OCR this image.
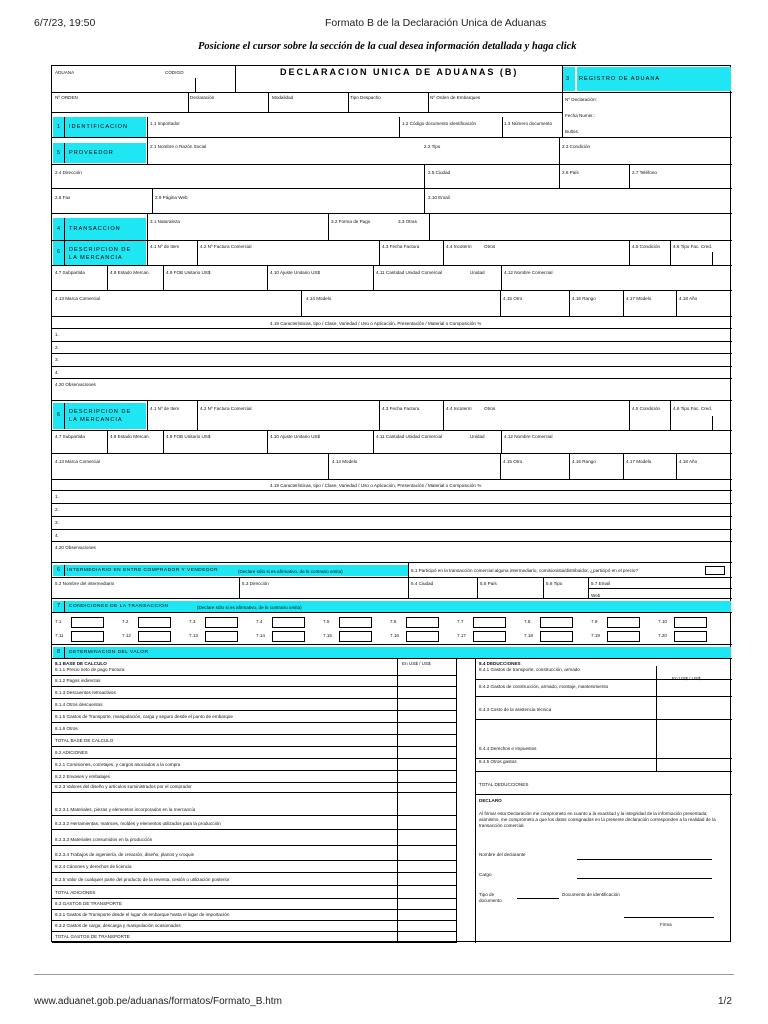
6/7/23, 19:50	Formato B de la Declaración Unica de Aduanas
Posicione el cursor sobre la sección de la cual desea información detallada y haga click
ADUANA	CODIGO	DECLARACION UNICA DE ADUANAS (B)
3 REGISTRO DE ADUANA
Nº ORDEN	Declaración	Modalidad	Tipo Despacho	Nº Orden de Embarques	Nº Declaración:
Fecha Numer.:
Bultos:
1 IDENTIFICACION
1.1 Importador	1.2 Código documento identificación	1.3 Número documento
5 PROVEEDOR
2.1 Nombre o Razón Social	2.2 Tipo	2.3 Condición
2.4 Dirección	2.5 Ciudad	2.6 País	2.7 Teléfono
2.8 Fax	2.9 Página Web	2.10 Email
4 TRANSACCION
3.1 Naturaleza	3.2 Forma de Pago	3.3 Otras
6 DESCRIPCION DE LA MERCANCIA
4.1 Nº de Item	4.2 Nº Factura Comercial	4.3 Fecha Factura	4.4 Incoterm	Otros	4.5 Condición	4.6 Tipo Fac. Cred.
4.7 Subpartida	4.8 Estado Mercan.	4.9 FOB Unitario US$	4.10 Ajuste Unitario US$	4.11 Cantidad Unidad Comercial	Unidad	4.12 Nombre Comercial
4.13 Marca Comercial	4.14 Modelo	4.15 Otro	4.16 Rango	4.17 Modelo	4.18 Año
4.19 Características, tipo / Clase, Variedad / Uso o Aplicación, Presentación / Material o Composición %
1.
2.
3.
4.
4.20 Observaciones
6 DESCRIPCION DE LA MERCANCIA
4.1 Nº de Item	4.2 Nº Factura Comercial	4.3 Fecha Factura	4.4 Incoterm	Otros	4.5 Condición	4.6 Tipo Fac. Cred.
4.7 Subpartida	4.8 Estado Mercan.	4.9 FOB Unitario US$	4.10 Ajuste Unitario US$	4.11 Cantidad Unidad Comercial	Unidad	4.12 Nombre Comercial
4.13 Marca Comercial	4.14 Modelo	4.15 Otro	4.16 Rango	4.17 Modelo	4.18 Año
4.19 Características, tipo / Clase, Variedad / Uso o Aplicación, Presentación / Material o Composición %
1.
2.
3.
4.
4.20 Observaciones
6 INTERMEDIARIO EN ENTRE COMPRADOR Y VENDEDOR	(Declare sólo si es afirmativo, de lo contrario omita)	5.1 Participó en la transacción comercial alguna intermediario, comisionista/distribuidor, ¿participó en el precio?
5.2 Nombre del intermediario	5.3 Dirección	5.4 Ciudad	5.5 País	5.6 Tipo	5.7 Email
Web
7 CONDICIONES DE LA TRANSACCION	(Declare sólo si es afirmativo, de lo contrario omita)
8 DETERMINACION DEL VALOR
8.1 BASE DE CALCULO	En US$ / US$	8.4 DEDUCCIONES
DECLARO
Al firmar esta Declaración me comprometo en cuanto a la exactitud y la integridad de la información presentada; asimismo, me comprometo a que los datos consignados en la presente declaración corresponden a la realidad de la transacción comercial.
Nombre del declarante
Cargo
Tipo de documento
Documento de identificación
Firma
7.1	7.2	7.3	7.4	7.5	7.6	7.7	7.8	7.9	7.10
7.11	7.12	7.13	7.14	7.15	7.16	7.17	7.18	7.19	7.20
8.1.1 Precio neto de pago Factura
8.1.2 Pagos indirectos
8.1.3 Descuentos retroactivos
8.1.4 Otros descuentos
8.1.5 Gastos de Transporte, manipulación, carga y seguro desde el punto de embarque
8.1.6 Otros
TOTAL BASE DE CALCULO
8.2 ADICIONES
8.2.1 Comisiones, corretajes, y cargos asociados a la compra
8.2.2 Envases y embalajes
8.2.3 Valores del diseño y artículos suministrados por el comprador
8.2.3.1 Materiales, piezas y elementos incorporados en la mercancía
8.2.3.2 Herramientas, matrices, moldes y elementos utilizados para la producción
8.2.3.3 Materiales consumidos en la producción
8.2.3.4 Trabajos de ingeniería, de creación, diseño, planos y croquis
8.2.4 Cánones y derechos de licencia
8.2.5 Valor de cualquier parte del producto de la reventa, cesión o utilización posterior
TOTAL ADICIONES
8.3 GASTOS DE TRANSPORTE
8.3.1 Gastos de Transporte desde el lugar de embarque hasta el lugar de importación
8.3.2 Gastos de carga, descarga y manipulación ocasionados
TOTAL GASTOS DE TRANSPORTE
8.4.1 Gastos de transporte, construcción, armado
8.4.2 Gastos de construcción, armado, montaje, mantenimiento
8.4.3 Costo de la asistencia técnica
8.4.4 Derechos e Impuestos
8.4.5 Otros gastos
TOTAL DEDUCCIONES
www.aduanet.gob.pe/aduanas/formatos/Formato_B.htm	1/2
